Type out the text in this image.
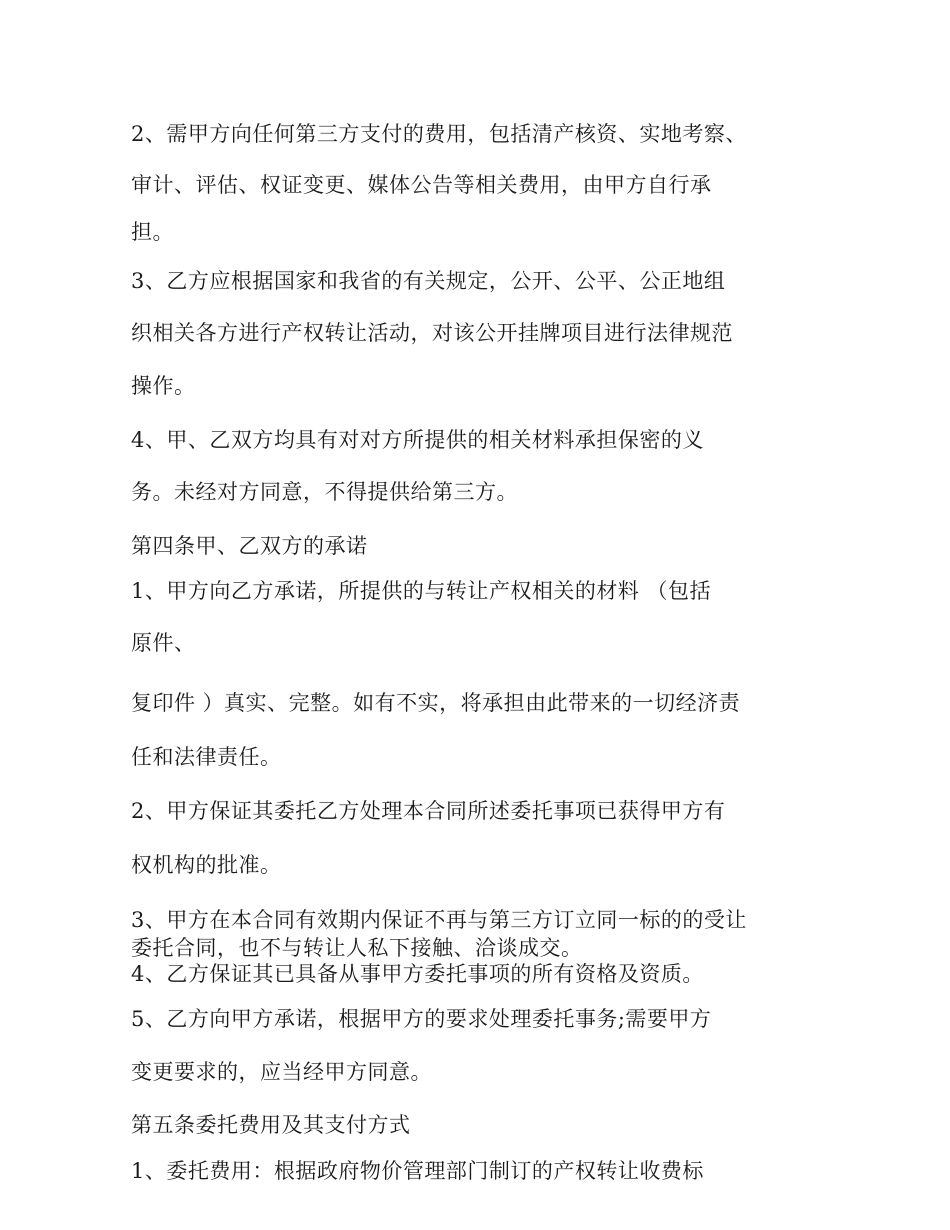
2、需甲方向任何第三方支付的费用，包括清产核资、实地考察、
审计、评估、权证变更、媒体公告等相关费用，由甲方自行承
担。
3、乙方应根据国家和我省的有关规定，公开、公平、公正地组
织相关各方进行产权转让活动，对该公开挂牌项目进行法律规范
操作。
4、甲、乙双方均具有对对方所提供的相关材料承担保密的义
务。未经对方同意，不得提供给第三方。
第四条甲、乙双方的承诺
1、甲方向乙方承诺，所提供的与转让产权相关的材料 （包括
原件、
复印件 ）真实、完整。如有不实，将承担由此带来的一切经济责
任和法律责任。
2、甲方保证其委托乙方处理本合同所述委托事项已获得甲方有
权机构的批准。
3、甲方在本合同有效期内保证不再与第三方订立同一标的的受让
委托合同，也不与转让人私下接触、洽谈成交。
4、乙方保证其已具备从事甲方委托事项的所有资格及资质。
5、乙方向甲方承诺，根据甲方的要求处理委托事务;需要甲方
变更要求的，应当经甲方同意。
第五条委托费用及其支付方式
1、委托费用：根据政府物价管理部门制订的产权转让收费标
